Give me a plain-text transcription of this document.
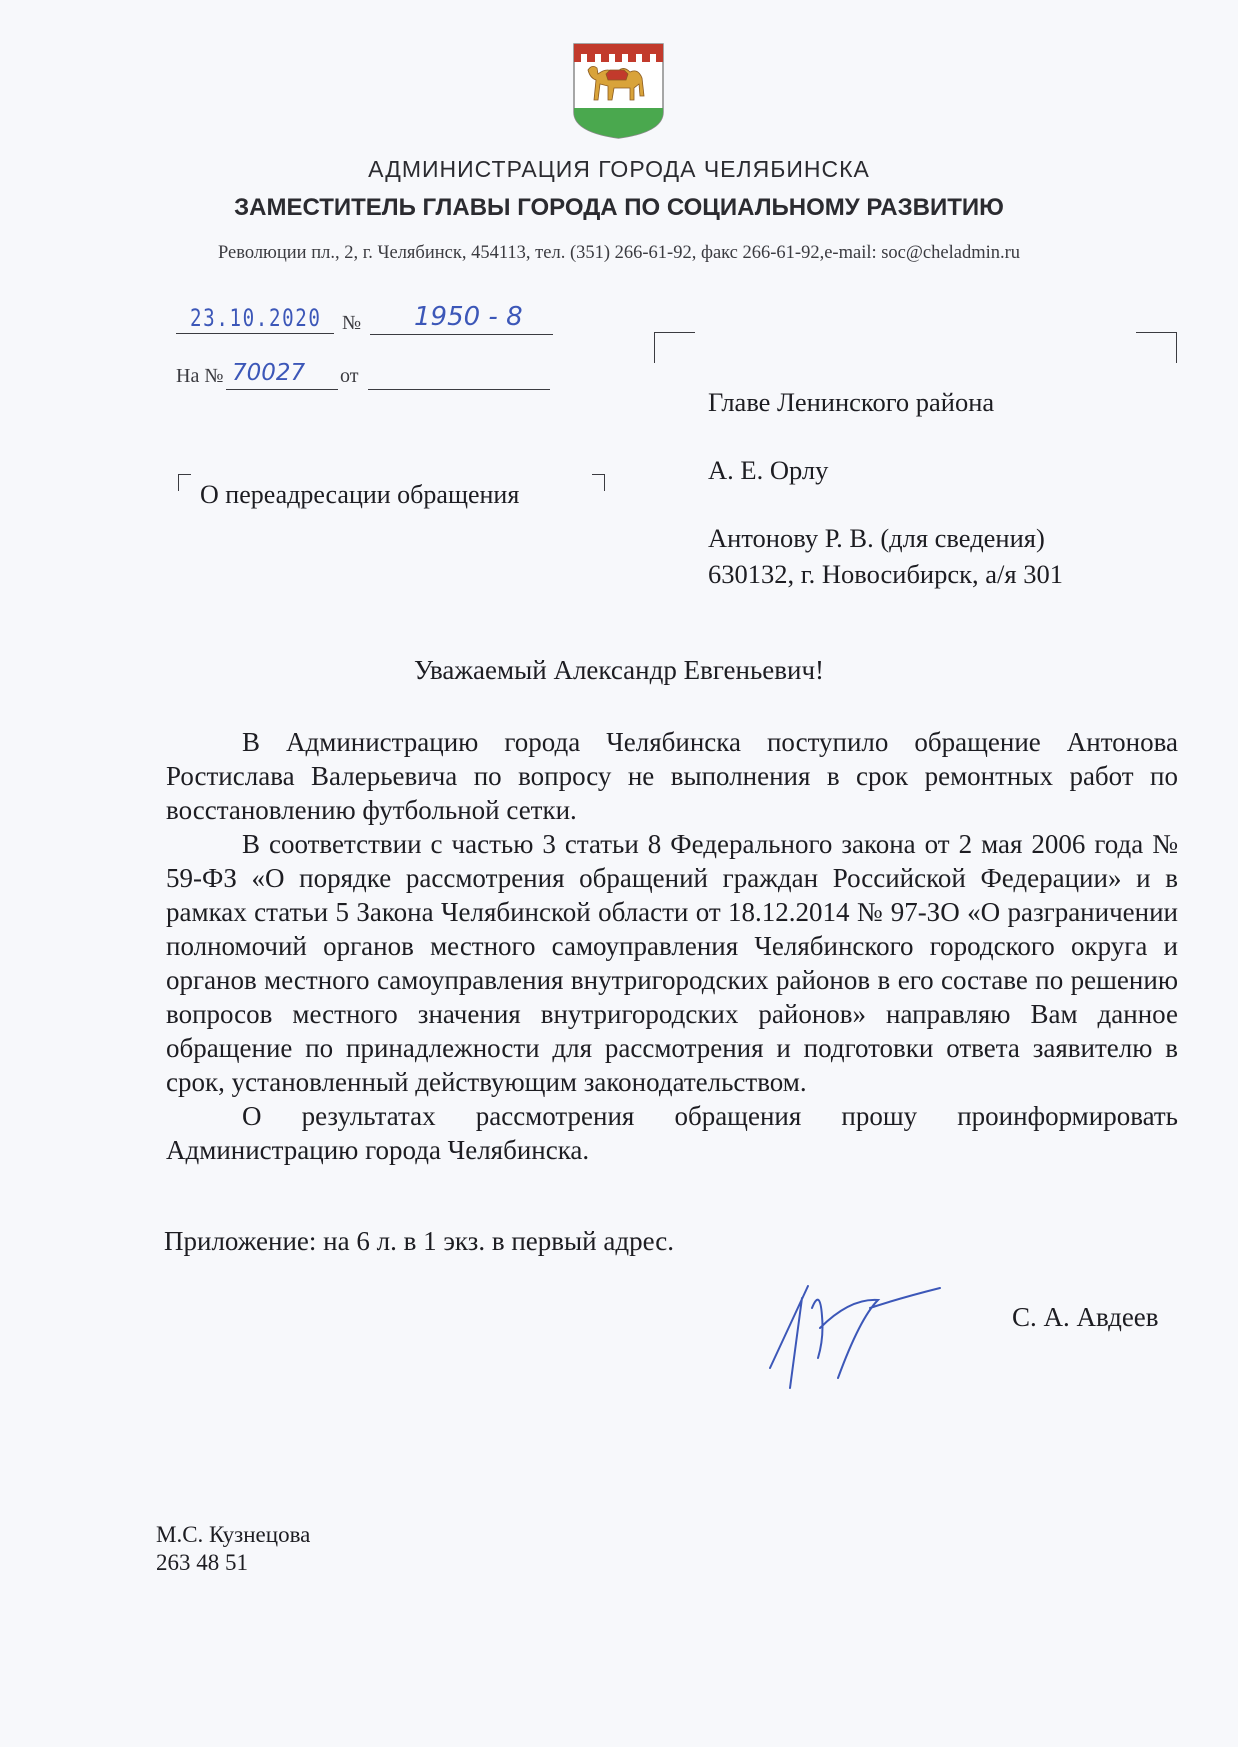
АДМИНИСТРАЦИЯ ГОРОДА ЧЕЛЯБИНСКА
ЗАМЕСТИТЕЛЬ ГЛАВЫ ГОРОДА ПО СОЦИАЛЬНОМУ РАЗВИТИЮ
Революции пл., 2, г. Челябинск, 454113, тел. (351) 266-61-92, факс 266-61-92,e-mail: soc@cheladmin.ru
23.10.2020 № 1950 - 8
На № 70027 от
О переадресации обращения
Главе Ленинского района
А. Е. Орлу
Антонову Р. В. (для сведения)
630132, г. Новосибирск, а/я 301
Уважаемый Александр Евгеньевич!

В Администрацию города Челябинска поступило обращение Антонова Ростислава Валерьевича по вопросу не выполнения в срок ремонтных работ по восстановлению футбольной сетки.

В соответствии с частью 3 статьи 8 Федерального закона от 2 мая 2006 года № 59-ФЗ «О порядке рассмотрения обращений граждан Российской Федерации» и в рамках статьи 5 Закона Челябинской области от 18.12.2014 № 97-ЗО «О разграничении полномочий органов местного самоуправления Челябинского городского округа и органов местного самоуправления внутригородских районов в его составе по решению вопросов местного значения внутригородских районов» направляю Вам данное обращение по принадлежности для рассмотрения и подготовки ответа заявителю в срок, установленный действующим законодательством.

О результатах рассмотрения обращения прошу проинформировать Администрацию города Челябинска.

Приложение: на 6 л. в 1 экз. в первый адрес.
С. А. Авдеев
М.С. Кузнецова
263 48 51
